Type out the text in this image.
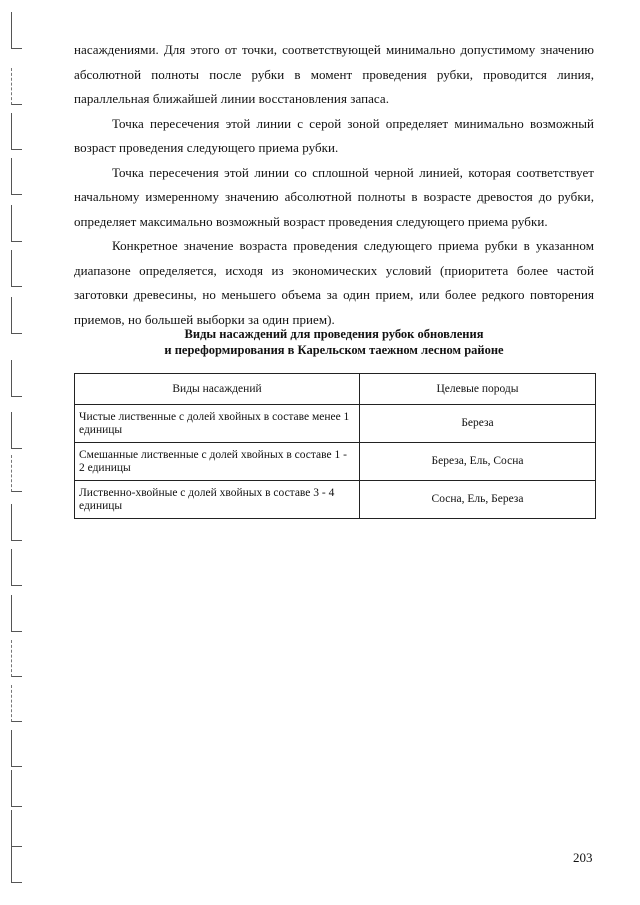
насаждениями. Для этого от точки, соответствующей минимально допустимому значению абсолютной полноты после рубки в момент проведения рубки, проводится линия, параллельная ближайшей линии восстановления запаса.

Точка пересечения этой линии с серой зоной определяет минимально возможный возраст проведения следующего приема рубки.

Точка пересечения этой линии со сплошной черной линией, которая соответствует начальному измеренному значению абсолютной полноты в возрасте древостоя до рубки, определяет максимально возможный возраст проведения следующего приема рубки.

Конкретное значение возраста проведения следующего приема рубки в указанном диапазоне определяется, исходя из экономических условий (приоритета более частой заготовки древесины, но меньшего объема за один прием, или более редкого повторения приемов, но большей выборки за один прием).

Виды насаждений для проведения рубок обновления
и переформирования в Карельском таежном лесном районе
Виды насаждений	Целевые породы
Чистые лиственные с долей хвойных в составе менее 1 единицы	Береза
Смешанные лиственные с долей хвойных в составе 1 - 2 единицы	Береза, Ель, Сосна
Лиственно-хвойные с долей хвойных в составе 3 - 4 единицы	Сосна, Ель, Береза
203
